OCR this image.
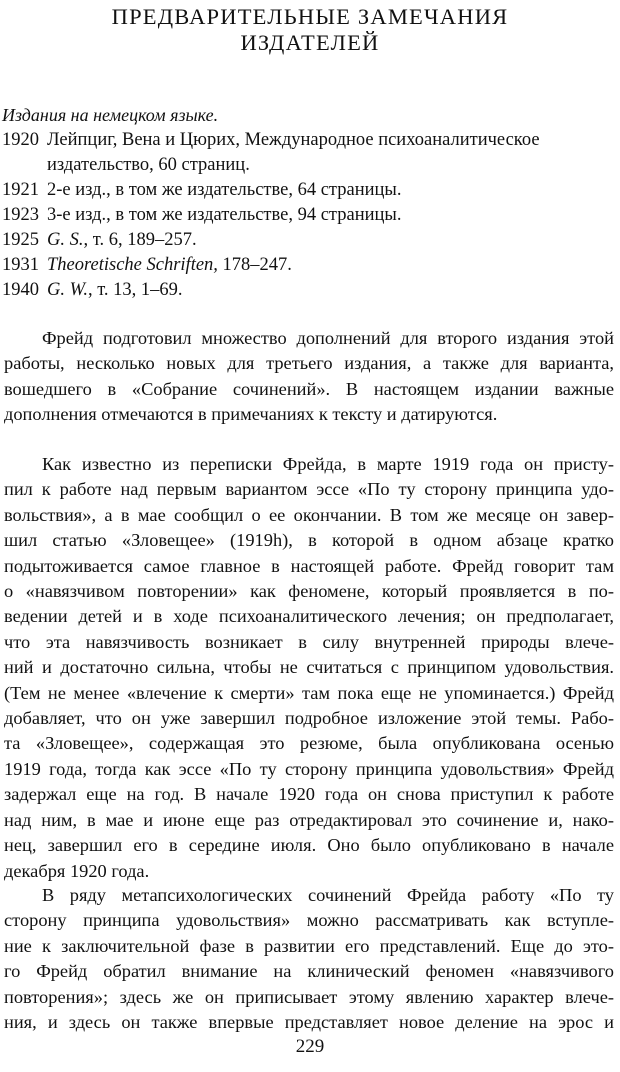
ПРЕДВАРИТЕЛЬНЫЕ ЗАМЕЧАНИЯ
ИЗДАТЕЛЕЙ
Издания на немецком языке.
1920 Лейпциг, Вена и Цюрих, Международное психоаналитическое
издательство, 60 страниц.
1921 2-е изд., в том же издательстве, 64 страницы.
1923 3-е изд., в том же издательстве, 94 страницы.
1925 G. S., т. 6, 189–257.
1931 Theoretische Schriften, 178–247.
1940 G. W., т. 13, 1–69.
Фрейд подготовил множество дополнений для второго издания этой
работы, несколько новых для третьего издания, а также для варианта,
вошедшего в «Собрание сочинений». В настоящем издании важные
дополнения отмечаются в примечаниях к тексту и датируются.
Как известно из переписки Фрейда, в марте 1919 года он присту-
пил к работе над первым вариантом эссе «По ту сторону принципа удо-
вольствия», а в мае сообщил о ее окончании. В том же месяце он завер-
шил статью «Зловещее» (1919h), в которой в одном абзаце кратко
подытоживается самое главное в настоящей работе. Фрейд говорит там
о «навязчивом повторении» как феномене, который проявляется в по-
ведении детей и в ходе психоаналитического лечения; он предполагает,
что эта навязчивость возникает в силу внутренней природы влече-
ний и достаточно сильна, чтобы не считаться с принципом удовольствия.
(Тем не менее «влечение к смерти» там пока еще не упоминается.) Фрейд
добавляет, что он уже завершил подробное изложение этой темы. Рабо-
та «Зловещее», содержащая это резюме, была опубликована осенью
1919 года, тогда как эссе «По ту сторону принципа удовольствия» Фрейд
задержал еще на год. В начале 1920 года он снова приступил к работе
над ним, в мае и июне еще раз отредактировал это сочинение и, нако-
нец, завершил его в середине июля. Оно было опубликовано в начале
декабря 1920 года.
В ряду метапсихологических сочинений Фрейда работу «По ту
сторону принципа удовольствия» можно рассматривать как вступле-
ние к заключительной фазе в развитии его представлений. Еще до это-
го Фрейд обратил внимание на клинический феномен «навязчивого
повторения»; здесь же он приписывает этому явлению характер влече-
ния, и здесь он также впервые представляет новое деление на эрос и
229
